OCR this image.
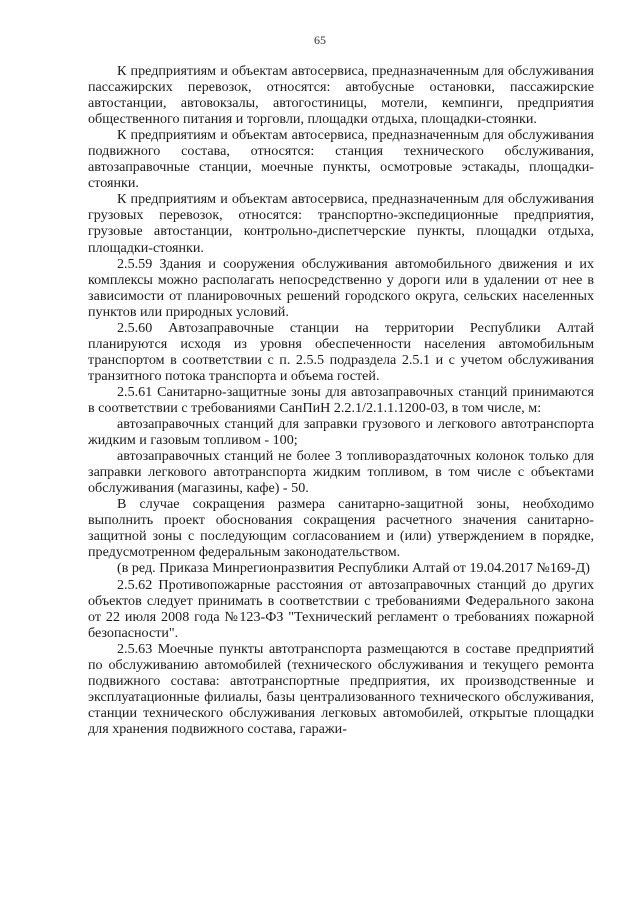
65

К предприятиям и объектам автосервиса, предназначенным для обслуживания пассажирских перевозок, относятся: автобусные остановки, пассажирские автостанции, автовокзалы, автогостиницы, мотели, кемпинги, предприятия общественного питания и торговли, площадки отдыха, площадки-стоянки.

К предприятиям и объектам автосервиса, предназначенным для обслуживания подвижного состава, относятся: станция технического обслуживания, автозаправочные станции, моечные пункты, осмотровые эстакады, площадки-стоянки.

К предприятиям и объектам автосервиса, предназначенным для обслуживания грузовых перевозок, относятся: транспортно-экспедиционные предприятия, грузовые автостанции, контрольно-диспетчерские пункты, площадки отдыха, площадки-стоянки.

2.5.59 Здания и сооружения обслуживания автомобильного движения и их комплексы можно располагать непосредственно у дороги или в удалении от нее в зависимости от планировочных решений городского округа, сельских населенных пунктов или природных условий.

2.5.60 Автозаправочные станции на территории Республики Алтай планируются исходя из уровня обеспеченности населения автомобильным транспортом в соответствии с п. 2.5.5 подраздела 2.5.1 и с учетом обслуживания транзитного потока транспорта и объема гостей.

2.5.61 Санитарно-защитные зоны для автозаправочных станций принимаются в соответствии с требованиями СанПиН 2.2.1/2.1.1.1200-03, в том числе, м:

автозаправочных станций для заправки грузового и легкового автотранспорта жидким и газовым топливом - 100;

автозаправочных станций не более 3 топливораздаточных колонок только для заправки легкового автотранспорта жидким топливом, в том числе с объектами обслуживания (магазины, кафе) - 50.

В случае сокращения размера санитарно-защитной зоны, необходимо выполнить проект обоснования сокращения расчетного значения санитарно-защитной зоны с последующим согласованием и (или) утверждением в порядке, предусмотренном федеральным законодательством.

(в ред. Приказа Минрегионразвития Республики Алтай от 19.04.2017 №169-Д)

2.5.62 Противопожарные расстояния от автозаправочных станций до других объектов следует принимать в соответствии с требованиями Федерального закона от 22 июля 2008 года №123-ФЗ "Технический регламент о требованиях пожарной безопасности".

2.5.63 Моечные пункты автотранспорта размещаются в составе предприятий по обслуживанию автомобилей (технического обслуживания и текущего ремонта подвижного состава: автотранспортные предприятия, их производственные и эксплуатационные филиалы, базы централизованного технического обслуживания, станции технического обслуживания легковых автомобилей, открытые площадки для хранения подвижного состава, гаражи-
